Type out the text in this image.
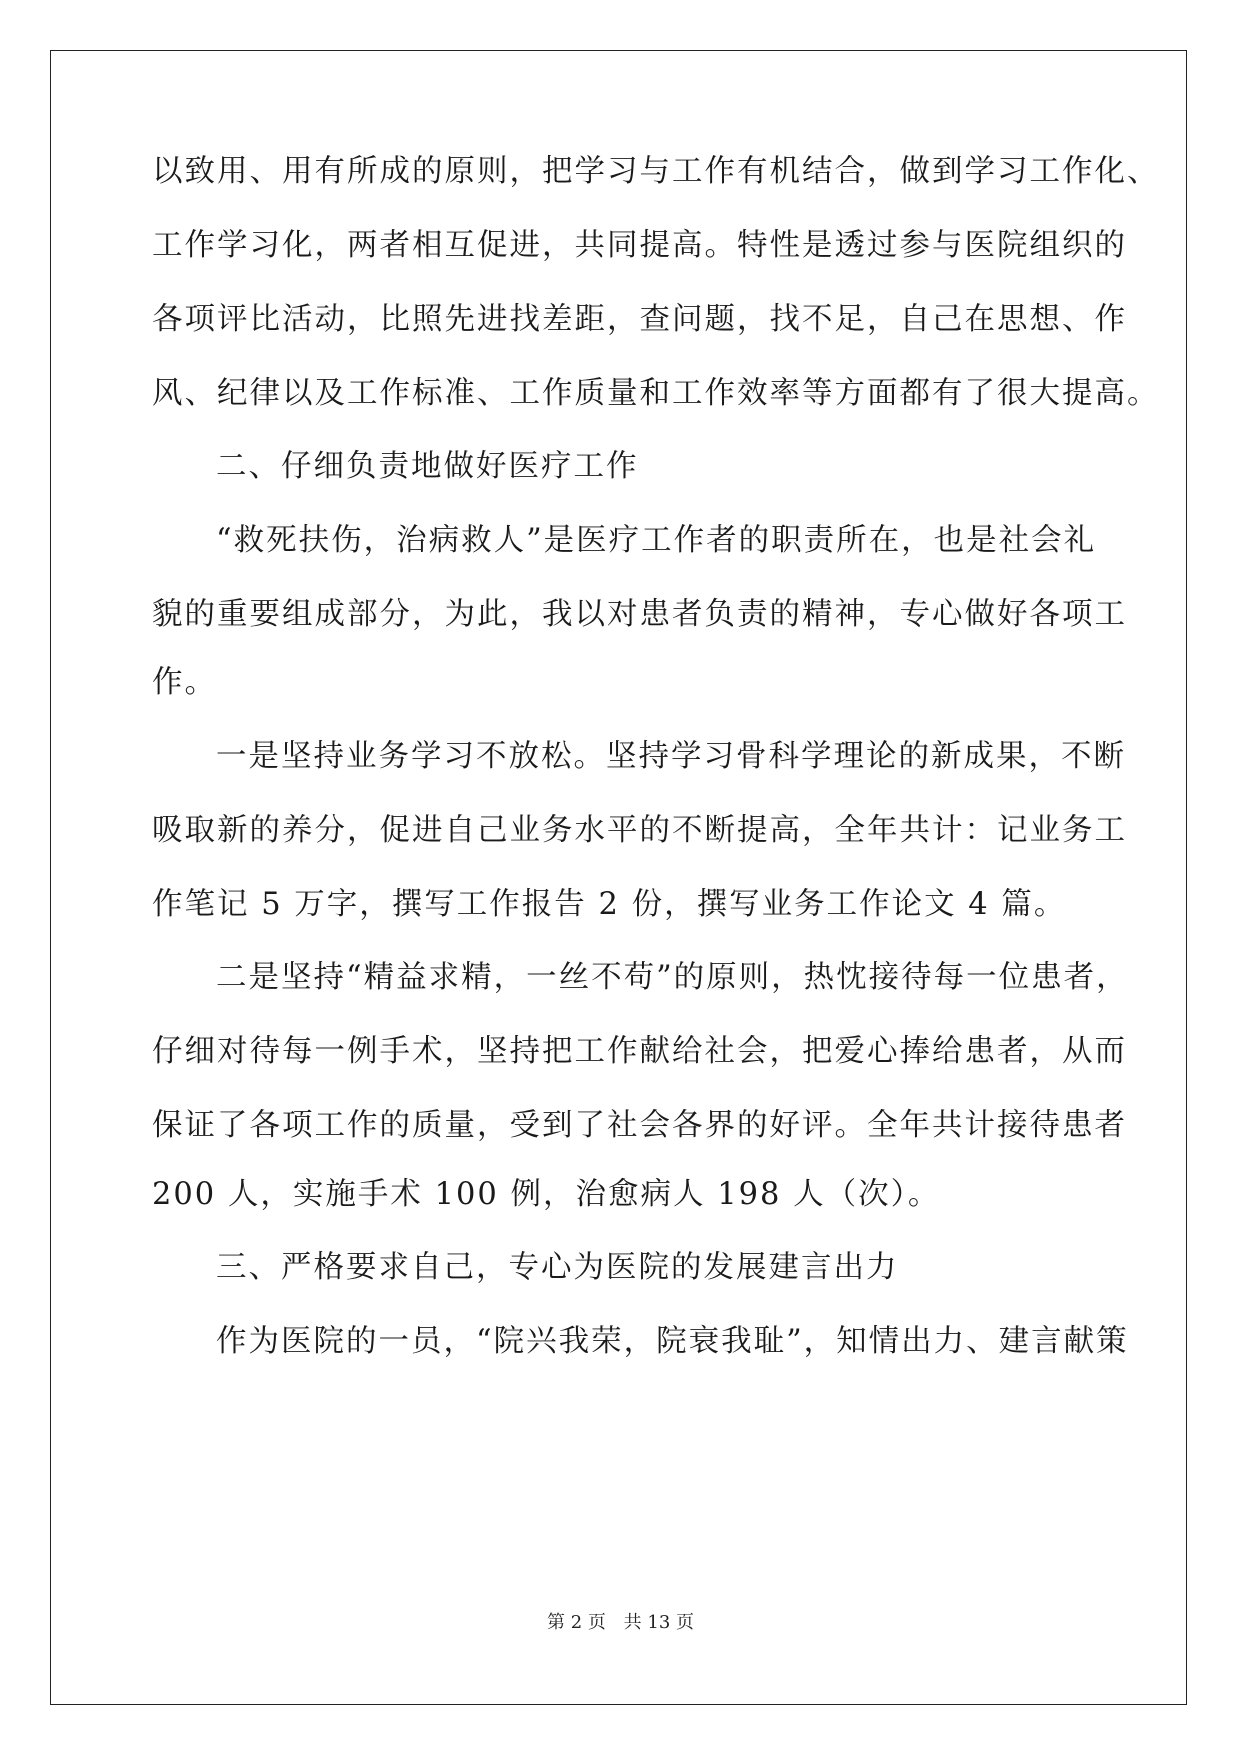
以致用、用有所成的原则，把学习与工作有机结合，做到学习工作化、
工作学习化，两者相互促进，共同提高。特性是透过参与医院组织的
各项评比活动，比照先进找差距，查问题，找不足，自己在思想、作
风、纪律以及工作标准、工作质量和工作效率等方面都有了很大提高。
二、仔细负责地做好医疗工作
“救死扶伤，治病救人”是医疗工作者的职责所在，也是社会礼
貌的重要组成部分，为此，我以对患者负责的精神，专心做好各项工
作。
一是坚持业务学习不放松。坚持学习骨科学理论的新成果，不断
吸取新的养分，促进自己业务水平的不断提高，全年共计：记业务工
作笔记 5 万字，撰写工作报告 2 份，撰写业务工作论文 4 篇。
二是坚持“精益求精，一丝不苟”的原则，热忱接待每一位患者，
仔细对待每一例手术，坚持把工作献给社会，把爱心捧给患者，从而
保证了各项工作的质量，受到了社会各界的好评。全年共计接待患者
200 人，实施手术 100 例，治愈病人 198 人（次）。
三、严格要求自己，专心为医院的发展建言出力
作为医院的一员，“院兴我荣，院衰我耻”，知情出力、建言献策
第 2 页 共 13 页
